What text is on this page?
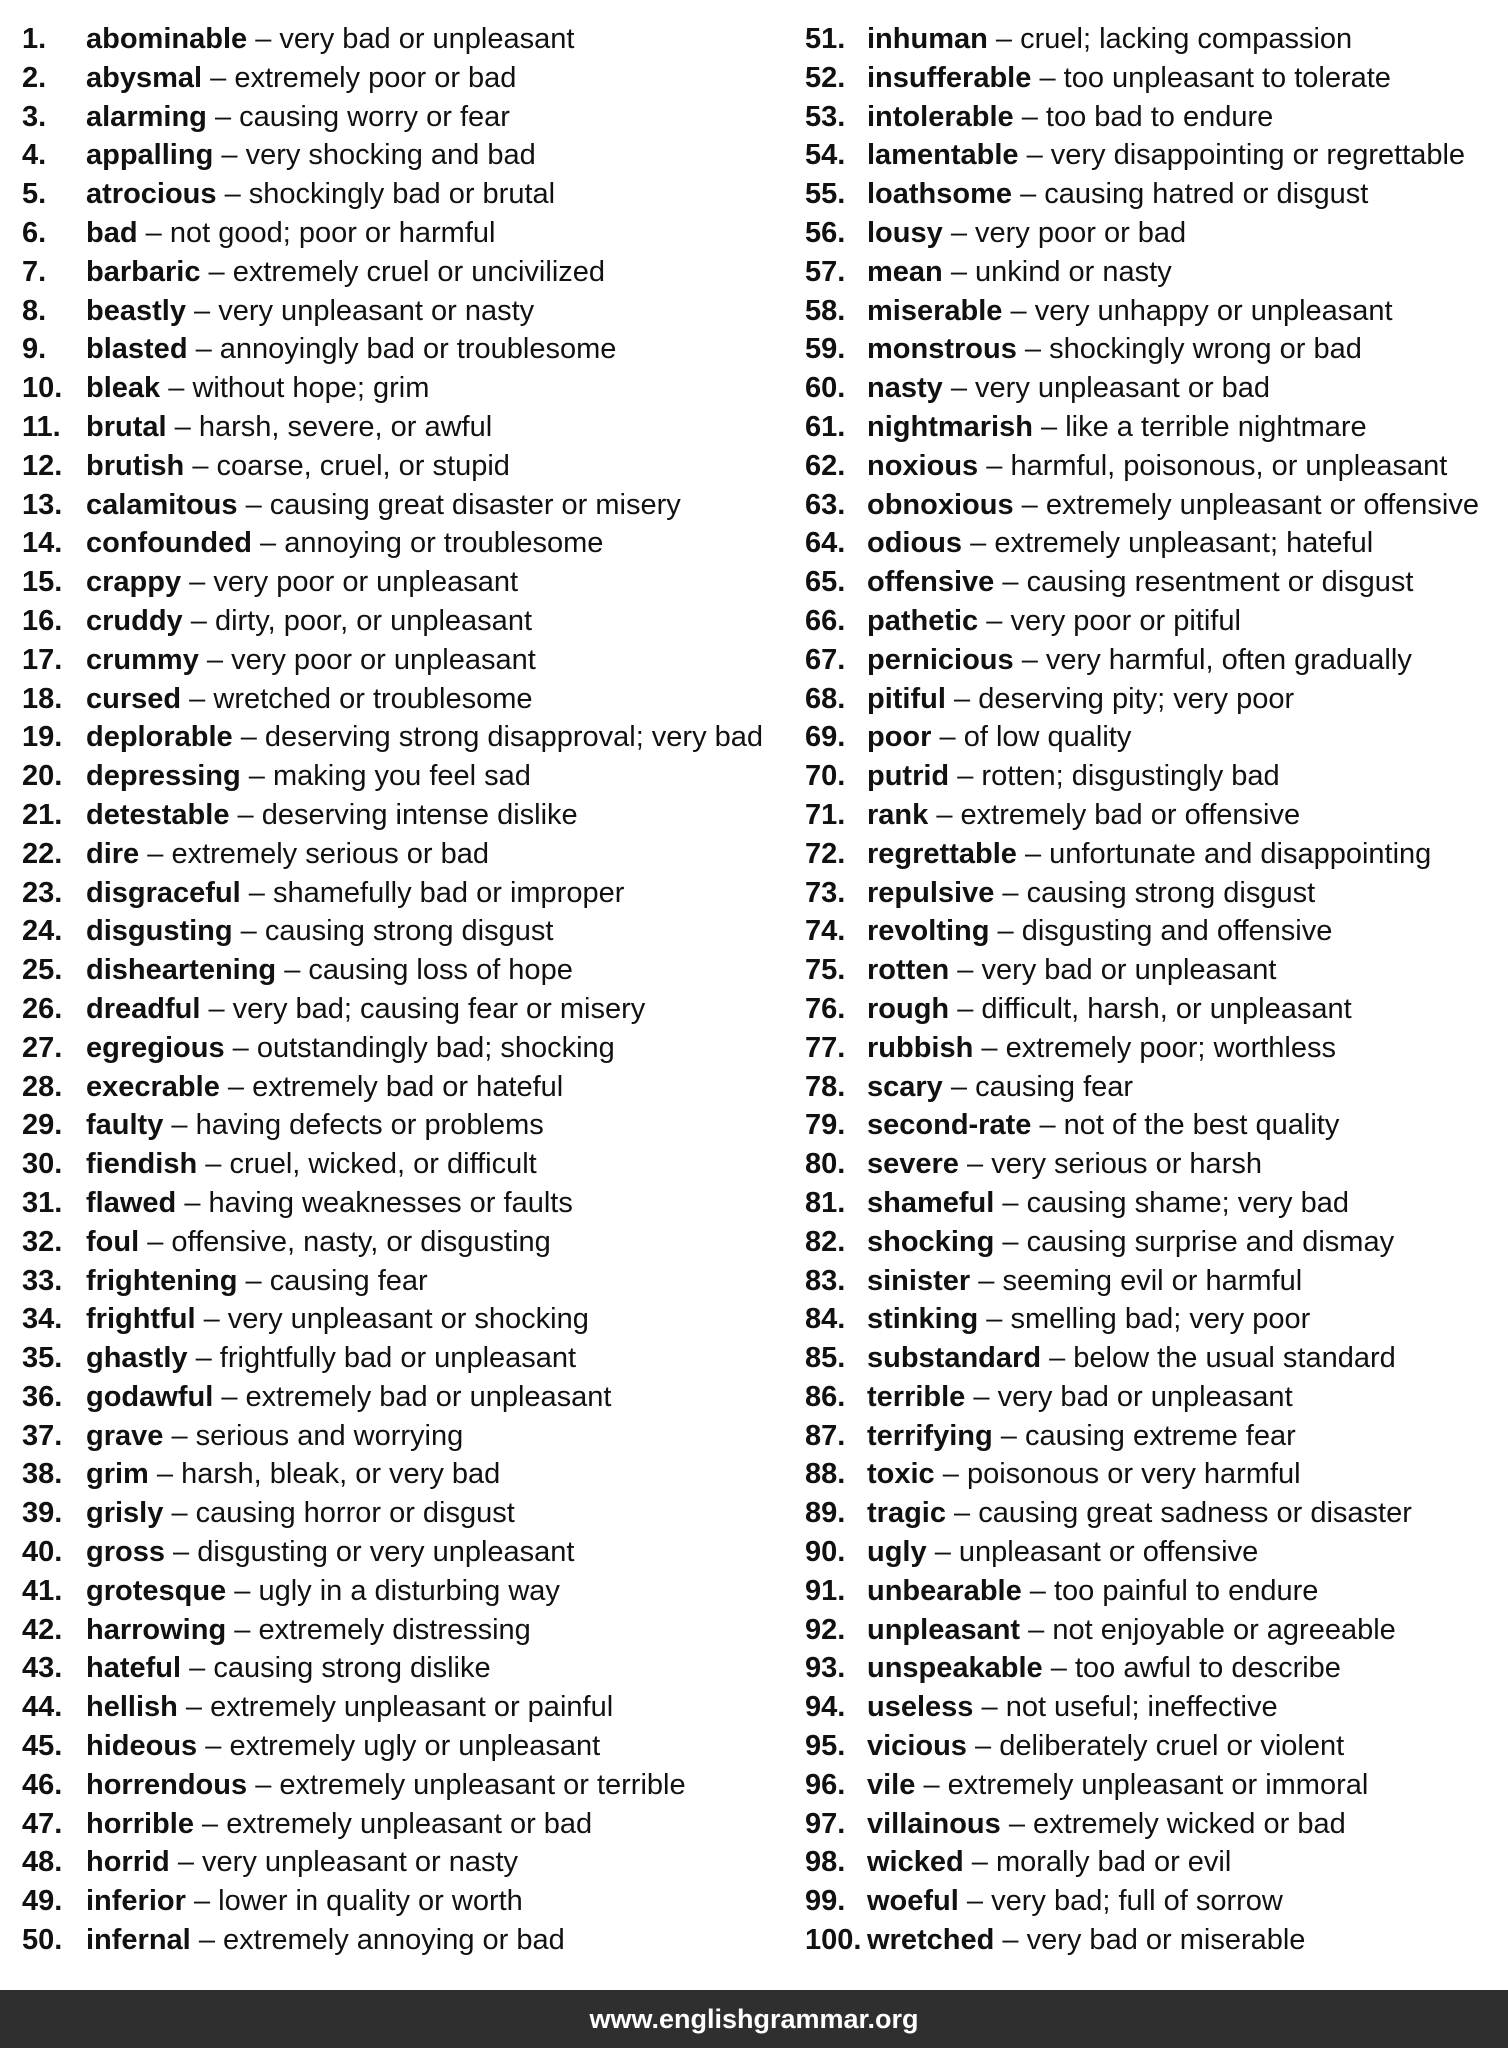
1.	abominable
–
very bad or unpleasant
2.	abysmal
–
extremely poor or bad
3.	alarming
–
causing worry or fear
4.	appalling
–
very shocking and bad
5.	atrocious
–
shockingly bad or brutal
6.	bad
–
not good; poor or harmful
7.	barbaric
–
extremely cruel or uncivilized
8.	beastly
–
very unpleasant or nasty
9.	blasted
–
annoyingly bad or troublesome
10. bleak
–
without hope; grim
11. brutal
–
harsh, severe, or awful
12. brutish
–
coarse, cruel, or stupid
13. calamitous
–
causing great disaster or misery
14. confounded
–
annoying or troublesome
15. crappy
–
very poor or unpleasant
16. cruddy
–
dirty, poor, or unpleasant
17. crummy
–
very poor or unpleasant
18. cursed
–
wretched or troublesome
19. deplorable
–
deserving strong disapproval; very bad
20. depressing
–
making you feel sad
21. detestable
–
deserving intense dislike
22. dire
–
extremely serious or bad
23. disgraceful
–
shamefully bad or improper
24. disgusting
–
causing strong disgust
25. disheartening
–
causing loss of hope
26. dreadful
–
very bad; causing fear or misery
27. egregious
–
outstandingly bad; shocking
28. execrable
–
extremely bad or hateful
29. faulty
–
having defects or problems
30. fiendish
–
cruel, wicked, or difficult
31. flawed
–
having weaknesses or faults
32. foul
–
offensive, nasty, or disgusting
33. frightening
–
causing fear
34. frightful
–
very unpleasant or shocking
35. ghastly
–
frightfully bad or unpleasant
36. godawful
–
extremely bad or unpleasant
37. grave
–
serious and worrying
38. grim
–
harsh, bleak, or very bad
39. grisly
–
causing horror or disgust
40. gross
–
disgusting or very unpleasant
41. grotesque
–
ugly in a disturbing way
42. harrowing
–
extremely distressing
43. hateful
–
causing strong dislike
44. hellish
–
extremely unpleasant or painful
45. hideous
–
extremely ugly or unpleasant
46. horrendous
–
extremely unpleasant or terrible
47. horrible
–
extremely unpleasant or bad
48. horrid
–
very unpleasant or nasty
49. inferior
–
lower in quality or worth
50. infernal
–
extremely annoying or bad
51. inhuman
–
cruel; lacking compassion
52. insufferable
–
too unpleasant to tolerate
53. intolerable
–
too bad to endure
54. lamentable
–
very disappointing or regrettable
55. loathsome
–
causing hatred or disgust
56. lousy
–
very poor or bad
57. mean
–
unkind or nasty
58. miserable
–
very unhappy or unpleasant
59. monstrous
–
shockingly wrong or bad
60. nasty
–
very unpleasant or bad
61. nightmarish
–
like a terrible nightmare
62. noxious
–
harmful, poisonous, or unpleasant
63. obnoxious
–
extremely unpleasant or offensive
64. odious
–
extremely unpleasant; hateful
65. offensive
–
causing resentment or disgust
66. pathetic
–
very poor or pitiful
67. pernicious
–
very harmful, often gradually
68. pitiful
–
deserving pity; very poor
69. poor
–
of low quality
70. putrid
–
rotten; disgustingly bad
71. rank
–
extremely bad or offensive
72. regrettable
–
unfortunate and disappointing
73. repulsive
–
causing strong disgust
74. revolting
–
disgusting and offensive
75. rotten
–
very bad or unpleasant
76. rough
–
difficult, harsh, or unpleasant
77. rubbish
–
extremely poor; worthless
78. scary
–
causing fear
79. second-rate
–
not of the best quality
80. severe
–
very serious or harsh
81. shameful
–
causing shame; very bad
82. shocking
–
causing surprise and dismay
83. sinister
–
seeming evil or harmful
84. stinking
–
smelling bad; very poor
85. substandard
–
below the usual standard
86. terrible
–
very bad or unpleasant
87. terrifying
–
causing extreme fear
88. toxic
–
poisonous or very harmful
89. tragic
–
causing great sadness or disaster
90. ugly
–
unpleasant or offensive
91. unbearable
–
too painful to endure
92. unpleasant
–
not enjoyable or agreeable
93. unspeakable
–
too awful to describe
94. useless
–
not useful; ineffective
95. vicious
–
deliberately cruel or violent
96. vile
–
extremely unpleasant or immoral
97. villainous
–
extremely wicked or bad
98. wicked
–
morally bad or evil
99. woeful
–
very bad; full of sorrow
100. wretched
–
very bad or miserable
www.englishgrammar.org
